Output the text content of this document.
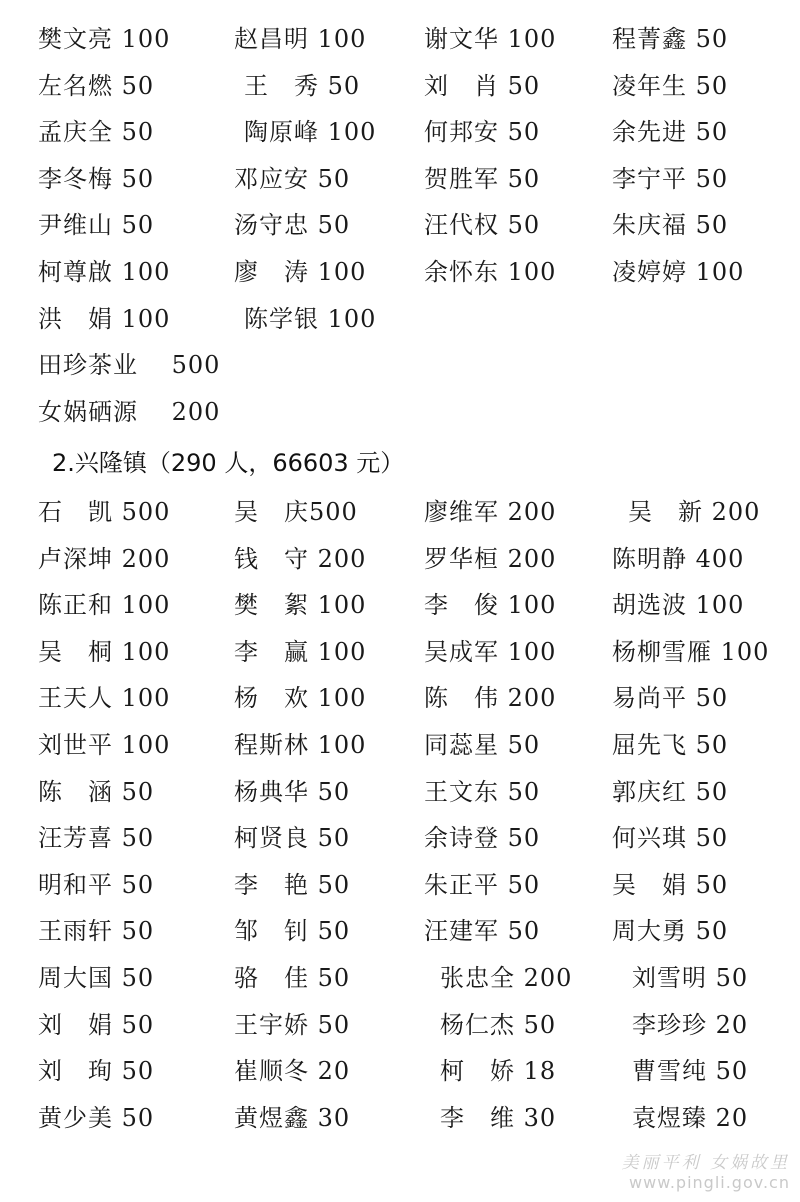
樊文亮 100	赵昌明 100 谢文华 100 程菁鑫 50
左名燃 50	王　秀 50	刘　肖 50	凌年生 50
孟庆全 50	陶原峰 100 何邦安 50	余先进 50
李冬梅 50	邓应安 50	贺胜军 50	李宁平 50
尹维山 50	汤守忠 50	汪代权 50	朱庆福 50
柯尊啟 100	廖　涛 100 余怀东 100 凌婷婷 100
洪　娟 100	陈学银 100
田珍茶业　 500
女娲硒源　 200
2.兴隆镇（290 人，66603 元）
石　凯 500	吴　庆500	廖维军 200	吴　新 200
卢深坤 200	钱　守 200 罗华桓 200 陈明静 400
陈正和 100	樊　絮 100 李　俊 100 胡选波 100
吴　桐 100	李　赢 100 吴成军 100 杨柳雪雁 100
王天人 100	杨　欢 100 陈　伟 200 易尚平 50
刘世平 100	程斯林 100 同蕊星 50	屈先飞 50
陈　涵 50	杨典华 50	王文东 50	郭庆红 50
汪芳喜 50	柯贤良 50	余诗登 50	何兴琪 50
明和平 50	李　艳 50	朱正平 50	吴　娟 50
王雨轩 50	邹　钊 50	汪建军 50	周大勇 50
周大国 50	骆　佳 50	张忠全 200 刘雪明 50
刘　娟 50	王宇娇 50	杨仁杰 50	李珍珍 20
刘　珣 50	崔顺冬 20	柯　娇 18	曹雪纯 50
黄少美 50	黄煜鑫 30	李　维 30	袁煜臻 20
美丽平利 女娲故里
www.pingli.gov.cn
